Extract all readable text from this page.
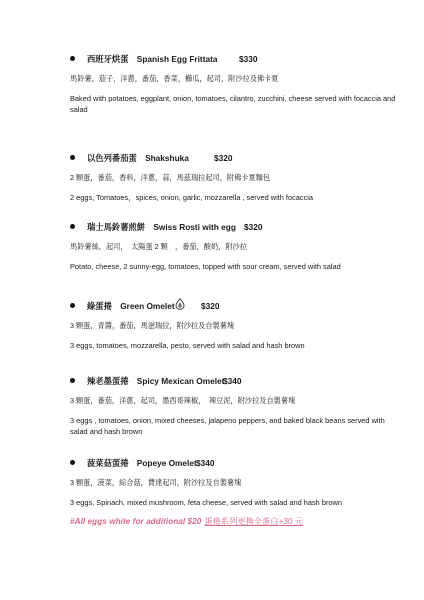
西班牙烘蛋　Spanish Egg Frittata	$330
馬鈴薯，茄子，洋蔥，番茄，香菜，櫛瓜，起司，附沙拉及佛卡夏
Baked with potatoes, eggplant, onion, tomatoes, cilantro, zucchini, cheese served with focaccia and salad
以色列番茄蛋　Shakshuka	$320
2 顆蛋，番茄，香料，洋蔥，蒜，馬茲瑞拉起司，附佛卡夏麵包
2 eggs, Tomatoes，spices, onion, garlic, mozzarella , served with focaccia
瑞士馬鈴薯煎餅　Swiss Rosti with egg $320
馬鈴薯絲，起司，　太陽蛋 2 顆　，番茄，酸奶，附沙拉
Potato, cheese, 2 sunny-egg, tomatoes, topped with sour cream, served with salad
綠蛋捲　Green Omelet	$320
3 顆蛋，青醬，番茄，馬滋瑞拉，附沙拉及自製薯塊
3 eggs, tomatoes, mozzarella, pesto, served with salad and hash brown
辣老墨蛋捲　Spicy Mexican Omelet
$340
3 顆蛋，番茄，洋蔥，起司，墨西哥辣椒，　辣豆泥，附沙拉及自製薯塊
3 eggs , tomatoes, onion, mixed cheeses, jalapeno peppers, and baked black beans served with salad and hash brown
菠菜菇蛋捲　Popeye Omelet $340
3 顆蛋，菠菜，綜合菇，費達起司，附沙拉及自製薯塊
3 eggs, Spinach, mixed mushroom, feta cheese, served with salad and hash brown
#All eggs white for additional $20 蛋捲系列更換全蛋白+30 元
